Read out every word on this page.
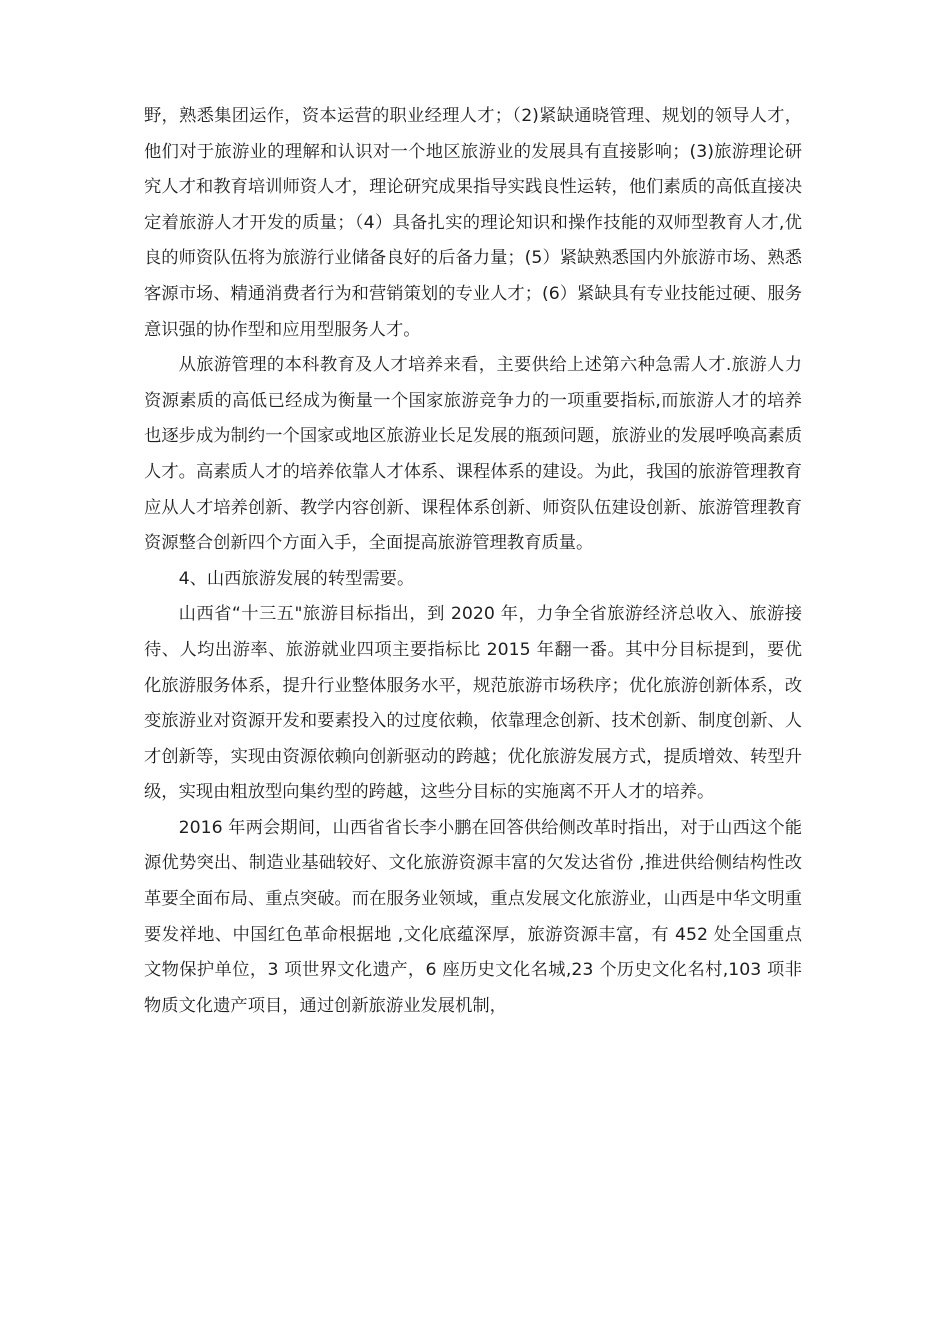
野，熟悉集团运作，资本运营的职业经理人才；（2)紧缺通晓管理、规划的领导人才，他们对于旅游业的理解和认识对一个地区旅游业的发展具有直接影响；(3)旅游理论研究人才和教育培训师资人才，理论研究成果指导实践良性运转，他们素质的高低直接决定着旅游人才开发的质量；（4）具备扎实的理论知识和操作技能的双师型教育人才,优良的师资队伍将为旅游行业储备良好的后备力量；(5）紧缺熟悉国内外旅游市场、熟悉客源市场、精通消费者行为和营销策划的专业人才；(6）紧缺具有专业技能过硬、服务意识强的协作型和应用型服务人才。

从旅游管理的本科教育及人才培养来看，主要供给上述第六种急需人才.旅游人力资源素质的高低已经成为衡量一个国家旅游竞争力的一项重要指标,而旅游人才的培养也逐步成为制约一个国家或地区旅游业长足发展的瓶颈问题，旅游业的发展呼唤高素质人才。高素质人才的培养依靠人才体系、课程体系的建设。为此，我国的旅游管理教育应从人才培养创新、教学内容创新、课程体系创新、师资队伍建设创新、旅游管理教育资源整合创新四个方面入手，全面提高旅游管理教育质量。

4、山西旅游发展的转型需要。

山西省“十三五"旅游目标指出，到 2020 年，力争全省旅游经济总收入、旅游接待、人均出游率、旅游就业四项主要指标比 2015 年翻一番。其中分目标提到，要优化旅游服务体系，提升行业整体服务水平，规范旅游市场秩序；优化旅游创新体系，改变旅游业对资源开发和要素投入的过度依赖，依靠理念创新、技术创新、制度创新、人才创新等，实现由资源依赖向创新驱动的跨越；优化旅游发展方式，提质增效、转型升级，实现由粗放型向集约型的跨越，这些分目标的实施离不开人才的培养。

2016 年两会期间，山西省省长李小鹏在回答供给侧改革时指出，对于山西这个能源优势突出、制造业基础较好、文化旅游资源丰富的欠发达省份 ,推进供给侧结构性改革要全面布局、重点突破。而在服务业领域，重点发展文化旅游业，山西是中华文明重要发祥地、中国红色革命根据地 ,文化底蕴深厚，旅游资源丰富，有 452 处全国重点文物保护单位，3 项世界文化遗产，6 座历史文化名城,23 个历史文化名村,103 项非物质文化遗产项目，通过创新旅游业发展机制，
